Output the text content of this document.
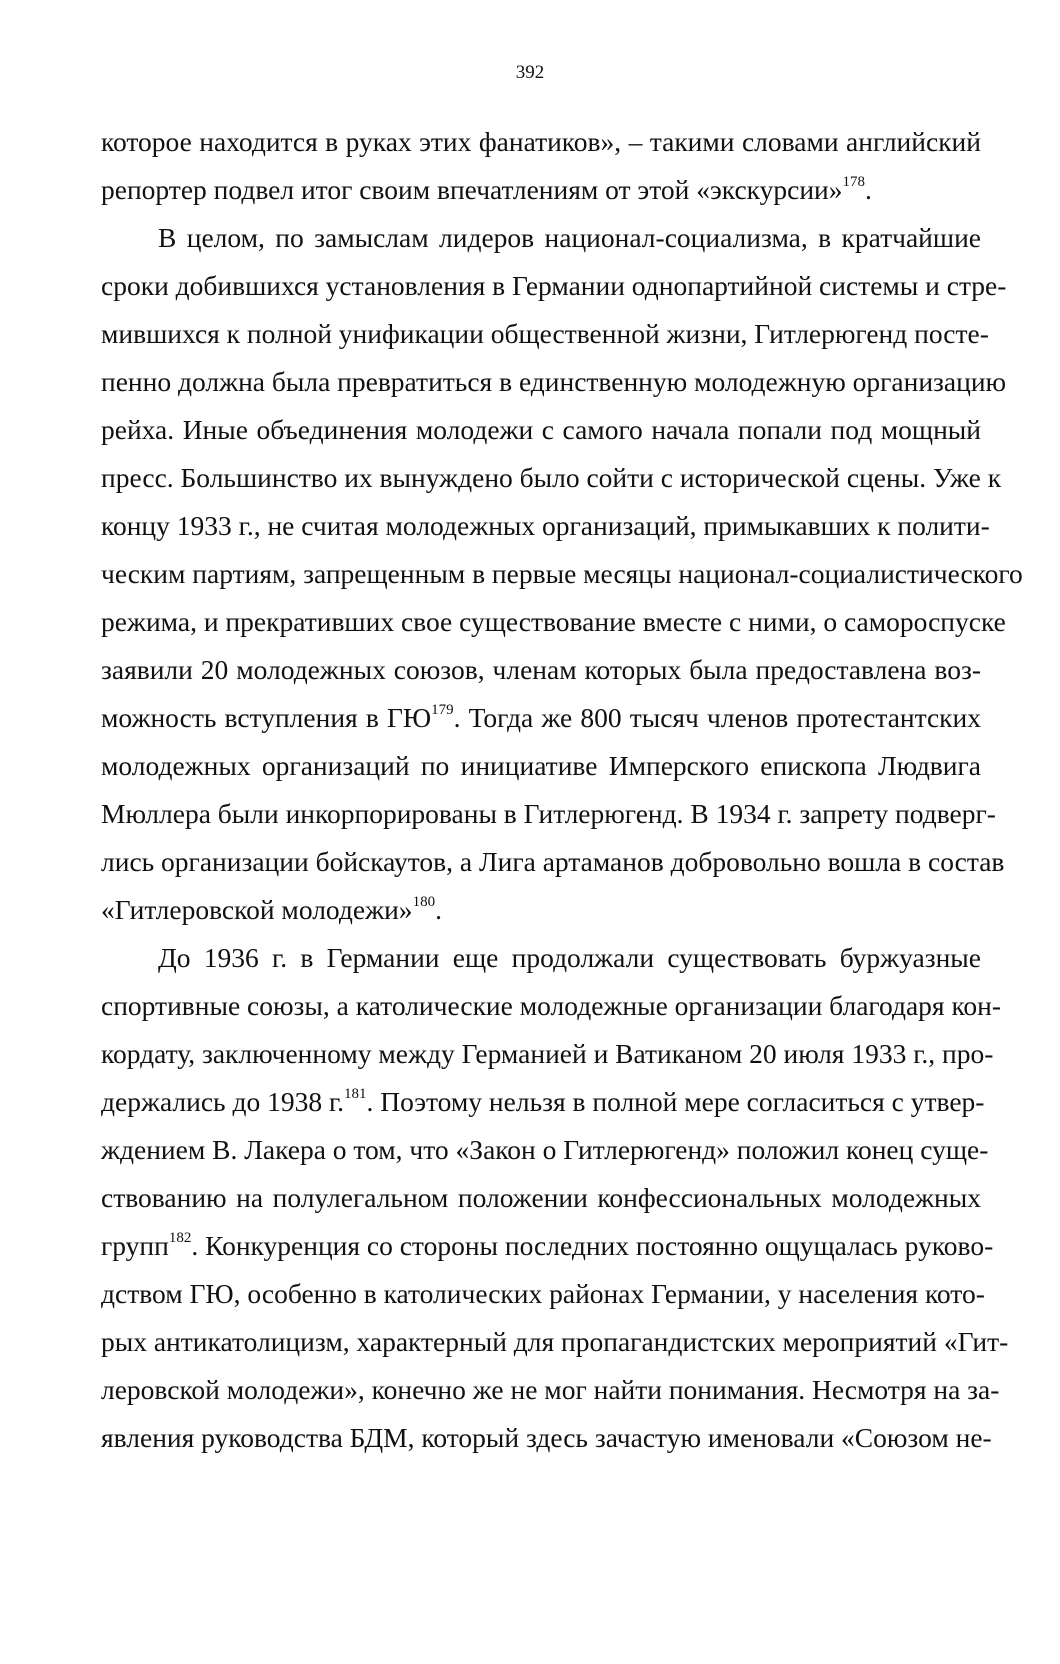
392
которое находится в руках этих фанатиков», – такими словами английский
репортер подвел итог своим впечатлениям от этой «экскурсии»$^{178}$.
В целом, по замыслам лидеров национал-социализма, в кратчайшие
сроки добившихся установления в Германии однопартийной системы и стре-
мившихся к полной унификации общественной жизни, Гитлерюгенд посте-
пенно должна была превратиться в единственную молодежную организацию
рейха. Иные объединения молодежи с самого начала попали под мощный
пресс. Большинство их вынуждено было сойти с исторической сцены. Уже к
концу 1933 г., не считая молодежных организаций, примыкавших к полити-
ческим партиям, запрещенным в первые месяцы национал-социалистического
режима, и прекративших свое существование вместе с ними, о самороспуске
заявили 20 молодежных союзов, членам которых была предоставлена воз-
можность вступления в ГЮ$^{179}$. Тогда же 800 тысяч членов протестантских
молодежных организаций по инициативе Имперского епископа Людвига
Мюллера были инкорпорированы в Гитлерюгенд. В 1934 г. запрету подверг-
лись организации бойскаутов, а Лига артаманов добровольно вошла в состав
«Гитлеровской молодежи»$^{180}$.
До 1936 г. в Германии еще продолжали существовать буржуазные
спортивные союзы, а католические молодежные организации благодаря кон-
кордату, заключенному между Германией и Ватиканом 20 июля 1933 г., про-
держались до 1938 г.$^{181}$. Поэтому нельзя в полной мере согласиться с утвер-
ждением В. Лакера о том, что «Закон о Гитлерюгенд» положил конец суще-
ствованию на полулегальном положении конфессиональных молодежных
групп$^{182}$. Конкуренция со стороны последних постоянно ощущалась руково-
дством ГЮ, особенно в католических районах Германии, у населения кото-
рых антикатолицизм, характерный для пропагандистских мероприятий «Гит-
леровской молодежи», конечно же не мог найти понимания. Несмотря на за-
явления руководства БДМ, который здесь зачастую именовали «Союзом не-
